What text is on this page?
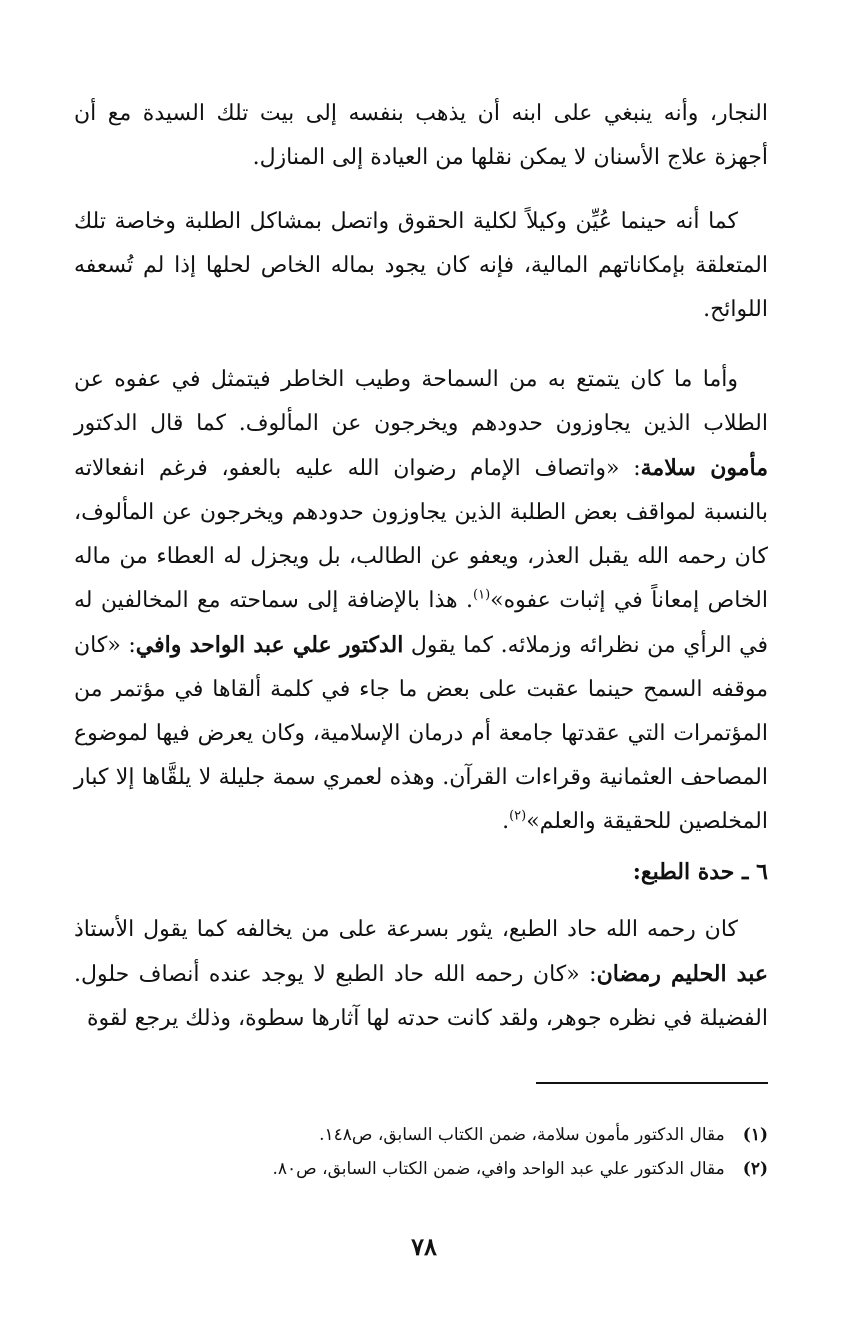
النجار، وأنه ينبغي على ابنه أن يذهب بنفسه إلى بيت تلك السيدة مع أن أجهزة علاج الأسنان لا يمكن نقلها من العيادة إلى المنازل.

كما أنه حينما عُيِّن وكيلاً لكلية الحقوق واتصل بمشاكل الطلبة وخاصة تلك المتعلقة بإمكاناتهم المالية، فإنه كان يجود بماله الخاص لحلها إذا لم تُسعفه اللوائح.

وأما ما كان يتمتع به من السماحة وطيب الخاطر فيتمثل في عفوه عن الطلاب الذين يجاوزون حدودهم ويخرجون عن المألوف. كما قال الدكتور مأمون سلامة: «واتصاف الإمام رضوان الله عليه بالعفو، فرغم انفعالاته بالنسبة لمواقف بعض الطلبة الذين يجاوزون حدودهم ويخرجون عن المألوف، كان رحمه الله يقبل العذر، ويعفو عن الطالب، بل ويجزل له العطاء من ماله الخاص إمعاناً في إثبات عفوه»$^{(١)}$. هذا بالإضافة إلى سماحته مع المخالفين له في الرأي من نظرائه وزملائه. كما يقول الدكتور علي عبد الواحد وافي: «كان موقفه السمح حينما عقبت على بعض ما جاء في كلمة ألقاها في مؤتمر من المؤتمرات التي عقدتها جامعة أم درمان الإسلامية، وكان يعرض فيها لموضوع المصاحف العثمانية وقراءات القرآن. وهذه لعمري سمة جليلة لا يلقَّاها إلا كبار المخلصين للحقيقة والعلم»$^{(٢)}$.

٦ ـ حدة الطبع:

كان رحمه الله حاد الطبع، يثور بسرعة على من يخالفه كما يقول الأستاذ عبد الحليم رمضان: «كان رحمه الله حاد الطبع لا يوجد عنده أنصاف حلول. الفضيلة في نظره جوهر، ولقد كانت حدته لها آثارها سطوة، وذلك يرجع لقوة

(١)
مقال الدكتور مأمون سلامة، ضمن الكتاب السابق، ص١٤٨.
(٢)
مقال الدكتور علي عبد الواحد وافي، ضمن الكتاب السابق، ص٨٠.
٧٨
